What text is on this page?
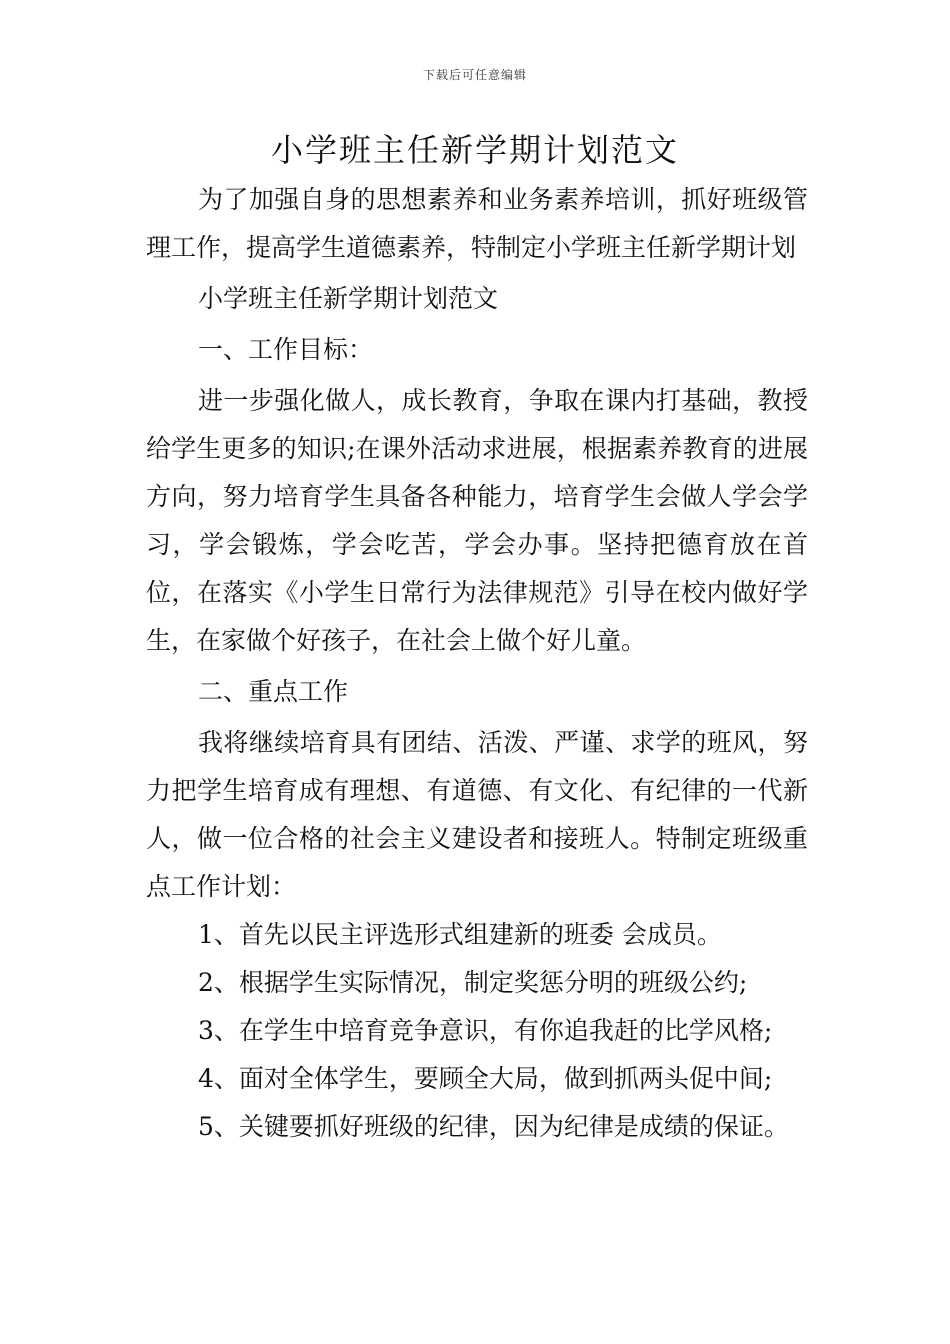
下载后可任意编辑
小学班主任新学期计划范文

为了加强自身的思想素养和业务素养培训，抓好班级管理工作，提高学生道德素养，特制定小学班主任新学期计划

小学班主任新学期计划范文

一、工作目标：

进一步强化做人，成长教育，争取在课内打基础，教授给学生更多的知识;在课外活动求进展，根据素养教育的进展方向，努力培育学生具备各种能力，培育学生会做人学会学习，学会锻炼，学会吃苦，学会办事。坚持把德育放在首位，在落实《小学生日常行为法律规范》引导在校内做好学生，在家做个好孩子，在社会上做个好儿童。

二、重点工作

我将继续培育具有团结、活泼、严谨、求学的班风，努力把学生培育成有理想、有道德、有文化、有纪律的一代新人，做一位合格的社会主义建设者和接班人。特制定班级重点工作计划：

1、首先以民主评选形式组建新的班委 会成员。

2、根据学生实际情况，制定奖惩分明的班级公约;

3、在学生中培育竞争意识，有你追我赶的比学风格;

4、面对全体学生，要顾全大局，做到抓两头促中间;

5、关键要抓好班级的纪律，因为纪律是成绩的保证。
